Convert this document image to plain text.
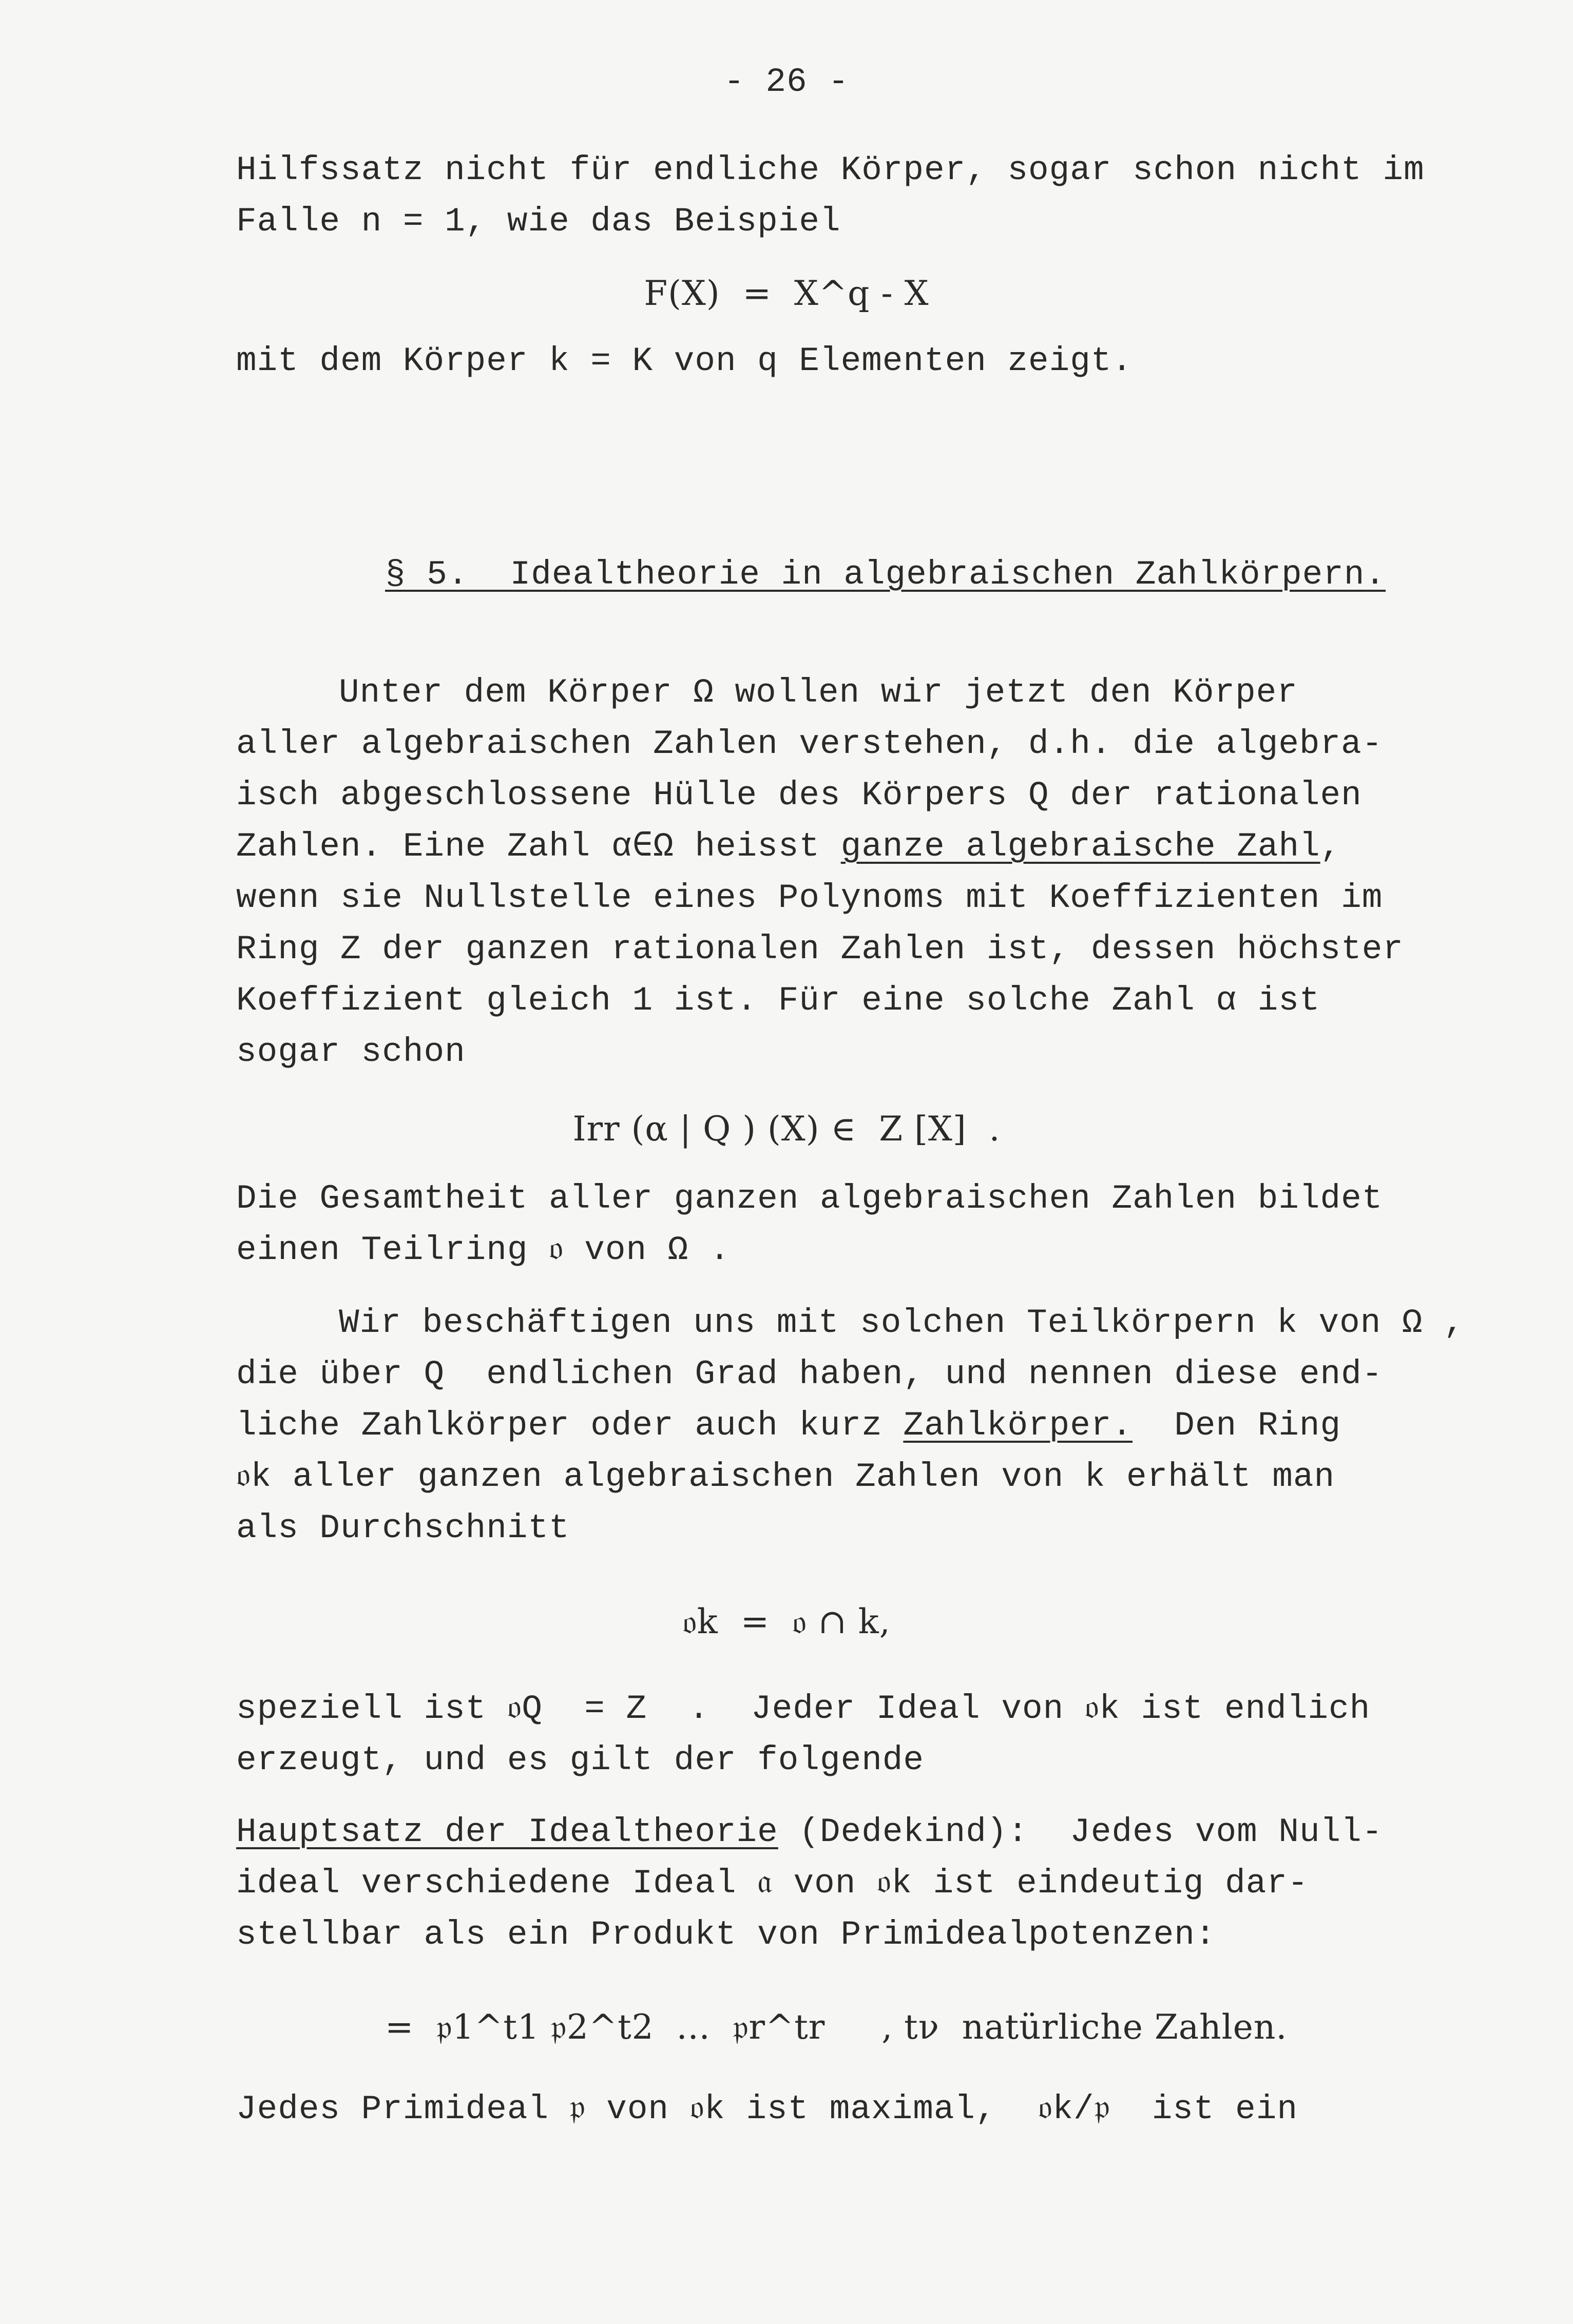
- 26 -
Hilfssatz nicht für endliche Körper, sogar schon nicht im
Falle n = 1, wie das Beispiel
F(X)  =  X^q - X
mit dem Körper k = K von q Elementen zeigt.
§ 5.  Idealtheorie in algebraischen Zahlkörpern.
Unter dem Körper Ω wollen wir jetzt den Körper
aller algebraischen Zahlen verstehen, d.h. die algebra-
isch abgeschlossene Hülle des Körpers Q der rationalen
Zahlen. Eine Zahl α∈Ω heisst ganze algebraische Zahl,
wenn sie Nullstelle eines Polynoms mit Koeffizienten im
Ring Z der ganzen rationalen Zahlen ist, dessen höchster
Koeffizient gleich 1 ist. Für eine solche Zahl α ist
sogar schon
Irr (α | Q ) (X) ∈  Z [X]  .
Die Gesamtheit aller ganzen algebraischen Zahlen bildet
einen Teilring 𝔬 von Ω .
Wir beschäftigen uns mit solchen Teilkörpern k von Ω ,
die über Q  endlichen Grad haben, und nennen diese end-
liche Zahlkörper oder auch kurz Zahlkörper.  Den Ring
𝔬k aller ganzen algebraischen Zahlen von k erhält man
als Durchschnitt
𝔬k  =  𝔬 ∩ k,
speziell ist 𝔬Q  = Z  .  Jeder Ideal von 𝔬k ist endlich
erzeugt, und es gilt der folgende
Hauptsatz der Idealtheorie (Dedekind):  Jedes vom Null-
ideal verschiedene Ideal 𝔞 von 𝔬k ist eindeutig dar-
stellbar als ein Produkt von Primidealpotenzen:
=  𝔭1^t1 𝔭2^t2  ...  𝔭r^tr     , tν  natürliche Zahlen.
Jedes Primideal 𝔭 von 𝔬k ist maximal,  𝔬k/𝔭  ist ein
